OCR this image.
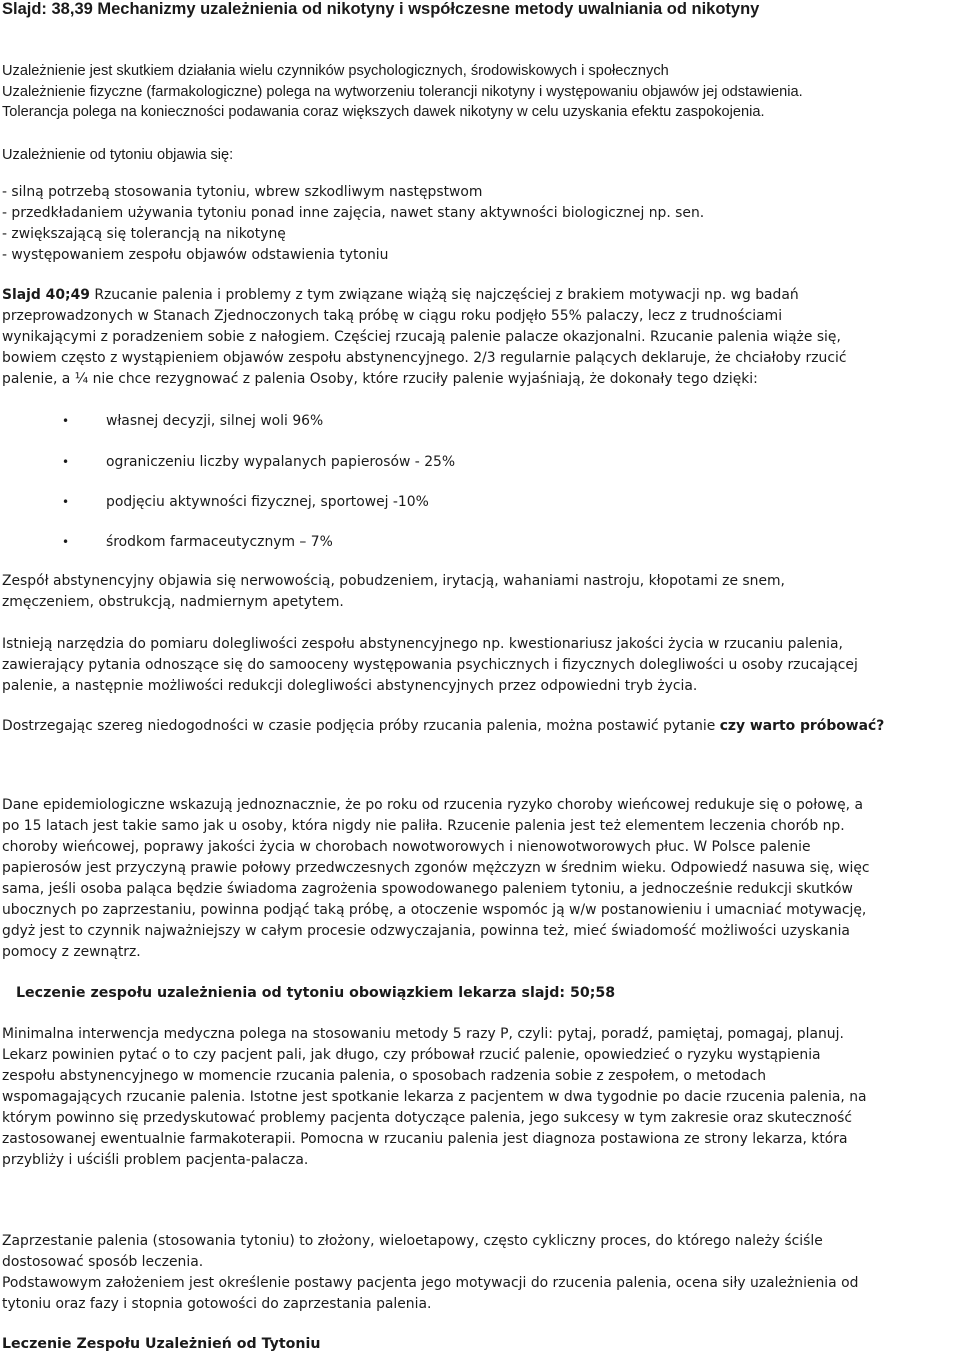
Slajd: 38,39 Mechanizmy uzależnienia od nikotyny i współczesne metody uwalniania od nikotyny
Uzależnienie jest skutkiem działania wielu czynników psychologicznych, środowiskowych i społecznych
Uzależnienie fizyczne (farmakologiczne) polega na wytworzeniu tolerancji nikotyny i występowaniu objawów jej odstawienia.
Tolerancja polega na konieczności podawania coraz większych dawek nikotyny w celu uzyskania efektu zaspokojenia.
Uzależnienie od tytoniu objawia się:
- silną potrzebą stosowania tytoniu, wbrew szkodliwym następstwom
- przedkładaniem używania tytoniu ponad inne zajęcia, nawet stany aktywności biologicznej np. sen.
- zwiększającą się tolerancją na nikotynę
- występowaniem zespołu objawów odstawienia tytoniu
Slajd 40;49 Rzucanie palenia i problemy z tym związane wiążą się najczęściej z brakiem motywacji np. wg badań
przeprowadzonych w Stanach Zjednoczonych taką próbę w ciągu roku podjęło 55% palaczy, lecz z trudnościami
wynikającymi z poradzeniem sobie z nałogiem. Częściej rzucają palenie palacze okazjonalni. Rzucanie palenia wiąże się,
bowiem często z wystąpieniem objawów zespołu abstynencyjnego. 2/3 regularnie palących deklaruje, że chciałoby rzucić
palenie, a ¼ nie chce rezygnować z palenia Osoby, które rzuciły palenie wyjaśniają, że dokonały tego dzięki:
•	własnej decyzji, silnej woli 96%
•	ograniczeniu liczby wypalanych papierosów - 25%
•	podjęciu aktywności fizycznej, sportowej -10%
•	środkom farmaceutycznym – 7%
Zespół abstynencyjny objawia się nerwowością, pobudzeniem, irytacją, wahaniami nastroju, kłopotami ze snem,
zmęczeniem, obstrukcją, nadmiernym apetytem.
Istnieją narzędzia do pomiaru dolegliwości zespołu abstynencyjnego np. kwestionariusz jakości życia w rzucaniu palenia,
zawierający pytania odnoszące się do samooceny występowania psychicznych i fizycznych dolegliwości u osoby rzucającej
palenie, a następnie możliwości redukcji dolegliwości abstynencyjnych przez odpowiedni tryb życia.
Dostrzegając szereg niedogodności w czasie podjęcia próby rzucania palenia, można postawić pytanie czy warto próbować?
Dane epidemiologiczne wskazują jednoznacznie, że po roku od rzucenia ryzyko choroby wieńcowej redukuje się o połowę, a
po 15 latach jest takie samo jak u osoby, która nigdy nie paliła. Rzucenie palenia jest też elementem leczenia chorób np.
choroby wieńcowej, poprawy jakości życia w chorobach nowotworowych i nienowotworowych płuc. W Polsce palenie
papierosów jest przyczyną prawie połowy przedwczesnych zgonów mężczyzn w średnim wieku. Odpowiedź nasuwa się, więc
sama, jeśli osoba paląca będzie świadoma zagrożenia spowodowanego paleniem tytoniu, a jednocześnie redukcji skutków
ubocznych po zaprzestaniu, powinna podjąć taką próbę, a otoczenie wspomóc ją w/w postanowieniu i umacniać motywację,
gdyż jest to czynnik najważniejszy w całym procesie odzwyczajania, powinna też, mieć świadomość możliwości uzyskania
pomocy z zewnątrz.
Leczenie zespołu uzależnienia od tytoniu obowiązkiem lekarza slajd: 50;58
Minimalna interwencja medyczna polega na stosowaniu metody 5 razy P, czyli: pytaj, poradź, pamiętaj, pomagaj, planuj.
Lekarz powinien pytać o to czy pacjent pali, jak długo, czy próbował rzucić palenie, opowiedzieć o ryzyku wystąpienia
zespołu abstynencyjnego w momencie rzucania palenia, o sposobach radzenia sobie z zespołem, o metodach
wspomagających rzucanie palenia. Istotne jest spotkanie lekarza z pacjentem w dwa tygodnie po dacie rzucenia palenia, na
którym powinno się przedyskutować problemy pacjenta dotyczące palenia, jego sukcesy w tym zakresie oraz skuteczność
zastosowanej ewentualnie farmakoterapii. Pomocna w rzucaniu palenia jest diagnoza postawiona ze strony lekarza, która
przybliży i uściśli problem pacjenta-palacza.
Zaprzestanie palenia (stosowania tytoniu) to złożony, wieloetapowy, często cykliczny proces, do którego należy ściśle
dostosować sposób leczenia.
Podstawowym założeniem jest określenie postawy pacjenta jego motywacji do rzucenia palenia, ocena siły uzależnienia od
tytoniu oraz fazy i stopnia gotowości do zaprzestania palenia.
Leczenie Zespołu Uzależnień od Tytoniu
